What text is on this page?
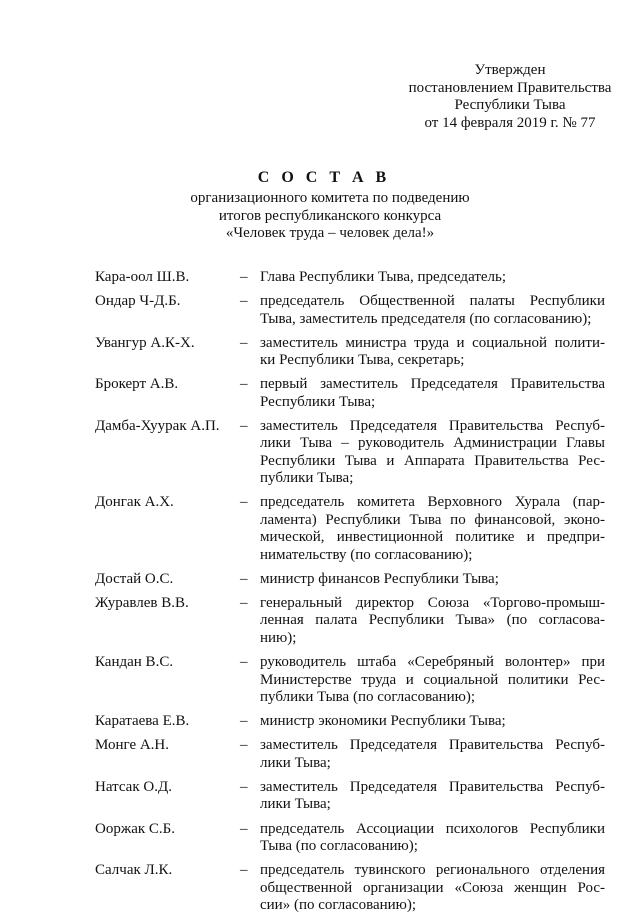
Утвержден
постановлением Правительства
Республики Тыва
от 14 февраля 2019 г. № 77
С О С Т А В
организационного комитета по подведению
итогов республиканского конкурса
«Человек труда – человек дела!»
Кара-оол Ш.В.	– Глава Республики Тыва, председатель;
Ондар Ч-Д.Б.	– председатель Общественной палаты Республики
Тыва, заместитель председателя (по согласованию);
Увангур А.К-Х.	– заместитель министра труда и социальной полити-
ки Республики Тыва, секретарь;
Брокерт А.В.	– первый заместитель Председателя Правительства
Республики Тыва;
Дамба-Хуурак А.П.	– заместитель Председателя Правительства Респуб-
лики Тыва – руководитель Администрации Главы
Республики Тыва и Аппарата Правительства Рес-
публики Тыва;
Донгак А.Х.	– председатель комитета Верховного Хурала (пар-
ламента) Республики Тыва по финансовой, эконо-
мической, инвестиционной политике и предпри-
нимательству (по согласованию);
Достай О.С.	– министр финансов Республики Тыва;
Журавлев В.В.	– генеральный директор Союза «Торгово-промыш-
ленная палата Республики Тыва» (по согласова-
нию);
Кандан В.С.	– руководитель штаба «Серебряный волонтер» при
Министерстве труда и социальной политики Рес-
публики Тыва (по согласованию);
Каратаева Е.В.	– министр экономики Республики Тыва;
Монге А.Н.	– заместитель Председателя Правительства Респуб-
лики Тыва;
Натсак О.Д.	– заместитель Председателя Правительства Респуб-
лики Тыва;
Ооржак С.Б.	– председатель Ассоциации психологов Республики
Тыва (по согласованию);
Салчак Л.К.	– председатель тувинского регионального отделения
общественной организации «Союза женщин Рос-
сии» (по согласованию);
